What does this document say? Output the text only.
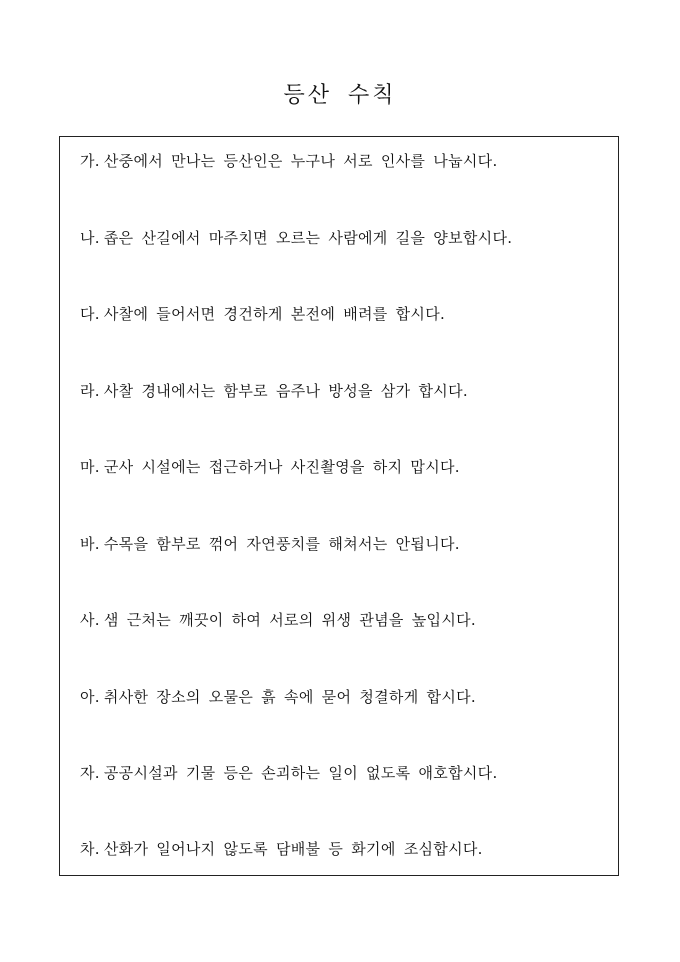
등산 수칙
가. 산중에서 만나는 등산인은 누구나 서로 인사를 나눕시다.
나. 좁은 산길에서 마주치면 오르는 사람에게 길을 양보합시다.
다. 사찰에 들어서면 경건하게 본전에 배려를 합시다.
라. 사찰 경내에서는 함부로 음주나 방성을 삼가 합시다.
마. 군사 시설에는 접근하거나 사진촬영을 하지 맙시다.
바. 수목을 함부로 꺾어 자연풍치를 해쳐서는 안됩니다.
사. 샘 근처는 깨끗이 하여 서로의 위생 관념을 높입시다.
아. 취사한 장소의 오물은 흙 속에 묻어 청결하게 합시다.
자. 공공시설과 기물 등은 손괴하는 일이 없도록 애호합시다.
차. 산화가 일어나지 않도록 담배불 등 화기에 조심합시다.
